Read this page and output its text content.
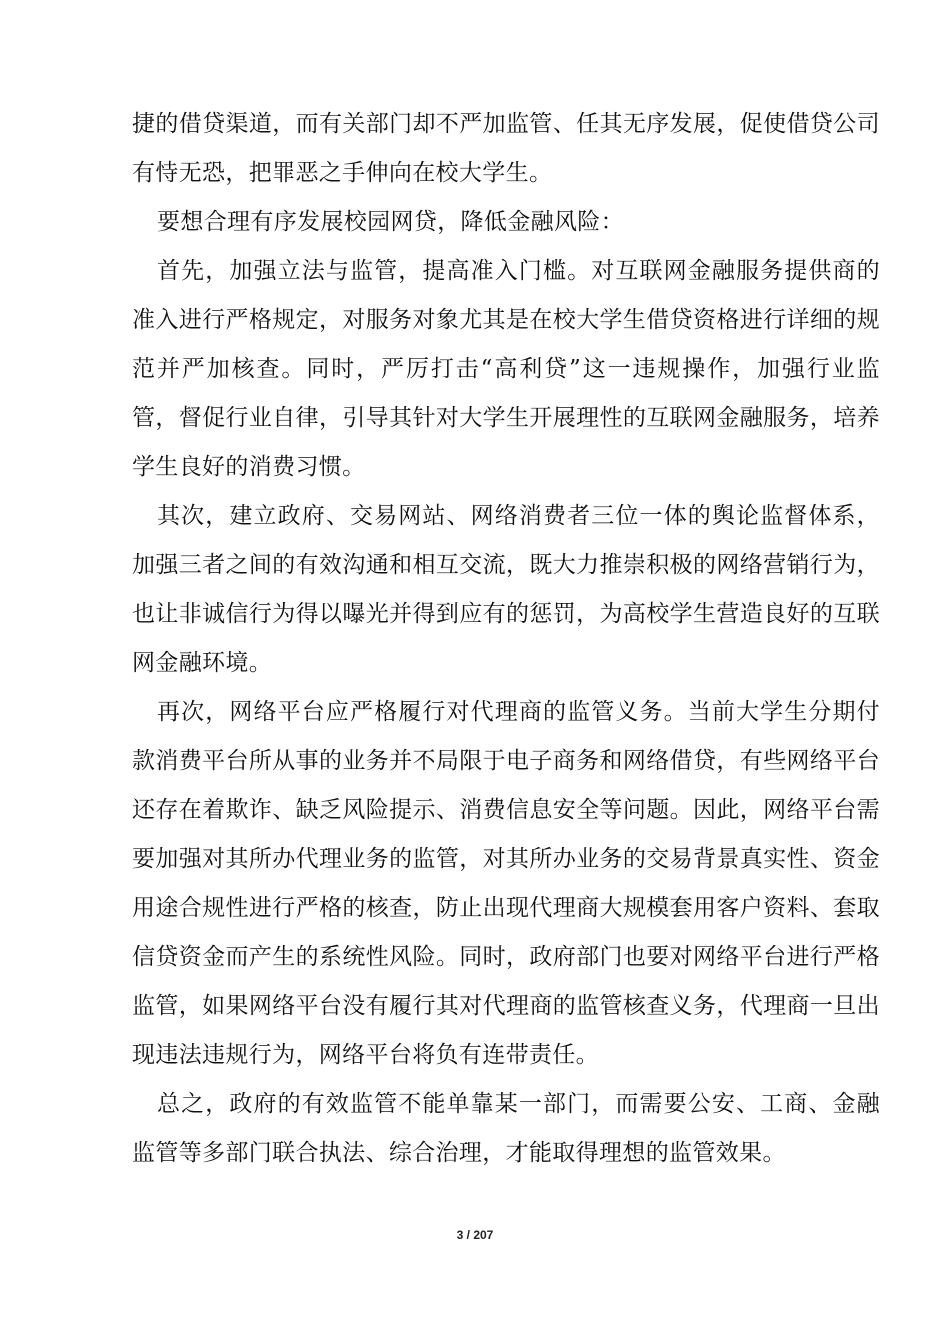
捷的借贷渠道，而有关部门却不严加监管、任其无序发展，促使借贷公司有恃无恐，把罪恶之手伸向在校大学生。

要想合理有序发展校园网贷，降低金融风险：

首先，加强立法与监管，提高准入门槛。对互联网金融服务提供商的准入进行严格规定，对服务对象尤其是在校大学生借贷资格进行详细的规范并严加核查。同时，严厉打击“高利贷”这一违规操作，加强行业监管，督促行业自律，引导其针对大学生开展理性的互联网金融服务，培养学生良好的消费习惯。

其次，建立政府、交易网站、网络消费者三位一体的舆论监督体系，加强三者之间的有效沟通和相互交流，既大力推崇积极的网络营销行为，也让非诚信行为得以曝光并得到应有的惩罚，为高校学生营造良好的互联网金融环境。

再次，网络平台应严格履行对代理商的监管义务。当前大学生分期付款消费平台所从事的业务并不局限于电子商务和网络借贷，有些网络平台还存在着欺诈、缺乏风险提示、消费信息安全等问题。因此，网络平台需要加强对其所办代理业务的监管，对其所办业务的交易背景真实性、资金用途合规性进行严格的核查，防止出现代理商大规模套用客户资料、套取信贷资金而产生的系统性风险。同时，政府部门也要对网络平台进行严格监管，如果网络平台没有履行其对代理商的监管核查义务，代理商一旦出现违法违规行为，网络平台将负有连带责任。

总之，政府的有效监管不能单靠某一部门，而需要公安、工商、金融监管等多部门联合执法、综合治理，才能取得理想的监管效果。

3 / 207
